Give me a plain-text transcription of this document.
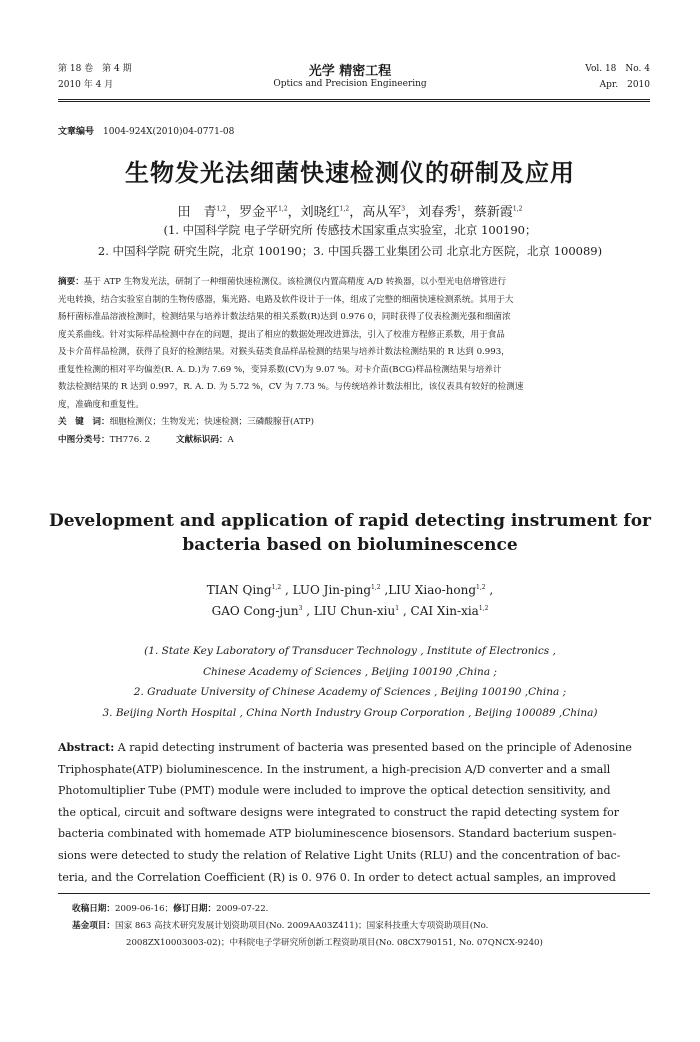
第 18 卷　第 4 期
2010 年 4 月
光学 精密工程
Optics and Precision Engineering
Vol. 18　No. 4
Apr.　2010
文章编号　 1004-924X(2010)04-0771-08
生物发光法细菌快速检测仪的研制及应用
田　青$^{1,2}$，罗金平$^{1,2}$，刘晓红$^{1,2}$，高从军$^3$，刘春秀$^1$，蔡新霞$^{1,2}$
(1. 中国科学院 电子学研究所 传感技术国家重点实验室，北京 100190；
2. 中国科学院 研究生院，北京 100190；3. 中国兵器工业集团公司 北京北方医院，北京 100089)
摘要：基于 ATP 生物发光法，研制了一种细菌快速检测仪。该检测仪内置高精度 A/D 转换器，以小型光电倍增管进行
光电转换，结合实验室自制的生物传感器，集光路、电路及软件设计于一体，组成了完整的细菌快速检测系统。其用于大
肠杆菌标准品溶液检测时，检测结果与培养计数法结果的相关系数(R)达到 0.976 0，同时获得了仪表检测光强和细菌浓
度关系曲线。针对实际样品检测中存在的问题，提出了相应的数据处理改进算法，引入了校准方程修正系数，用于食品
及卡介苗样品检测，获得了良好的检测结果。对猴头菇类食品样品检测的结果与培养计数法检测结果的 R 达到 0.993，
重复性检测的相对平均偏差(R. A. D.)为 7.69 %，变异系数(CV)为 9.07 %。对卡介苗(BCG)样品检测结果与培养计
数法检测结果的 R 达到 0.997，R. A. D. 为 5.72 %，CV 为 7.73 %。与传统培养计数法相比，该仪表具有较好的检测速
度，准确度和重复性。
关　键　词：细胞检测仪；生物发光；快速检测；三磷酸腺苷(ATP)
中图分类号：TH776. 2　　　	文献标识码：A
Development and application of rapid detecting instrument for
bacteria based on bioluminescence
TIAN Qing$^{1,2}$ , LUO Jin-ping$^{1,2}$ ,LIU Xiao-hong$^{1,2}$ ,
GAO Cong-jun$^3$ , LIU Chun-xiu$^1$ , CAI Xin-xia$^{1,2}$
(1. State Key Laboratory of Transducer Technology , Institute of Electronics ,
Chinese Academy of Sciences , Beijing 100190 ,China ;
2. Graduate University of Chinese Academy of Sciences , Beijing 100190 ,China ;
3. Beijing North Hospital , China North Industry Group Corporation , Beijing 100089 ,China)
Abstract: A rapid detecting instrument of bacteria was presented based on the principle of Adenosine
Triphosphate(ATP) bioluminescence. In the instrument, a high-precision A/D converter and a small
Photomultiplier Tube (PMT) module were included to improve the optical detection sensitivity, and
the optical, circuit and software designs were integrated to construct the rapid detecting system for
bacteria combinated with homemade ATP bioluminescence biosensors. Standard bacterium suspen-
sions were detected to study the relation of Relative Light Units (RLU) and the concentration of bac-
teria, and the Correlation Coefficient (R) is 0. 976 0. In order to detect actual samples, an improved
收稿日期：2009-06-16；修订日期：2009-07-22.
基金项目：国家 863 高技术研究发展计划资助项目(No. 2009AA03Z411)；国家科技重大专项资助项目(No.
2008ZX10003003-02)；中科院电子学研究所创新工程资助项目(No. 08CX790151, No. 07QNCX-9240)
